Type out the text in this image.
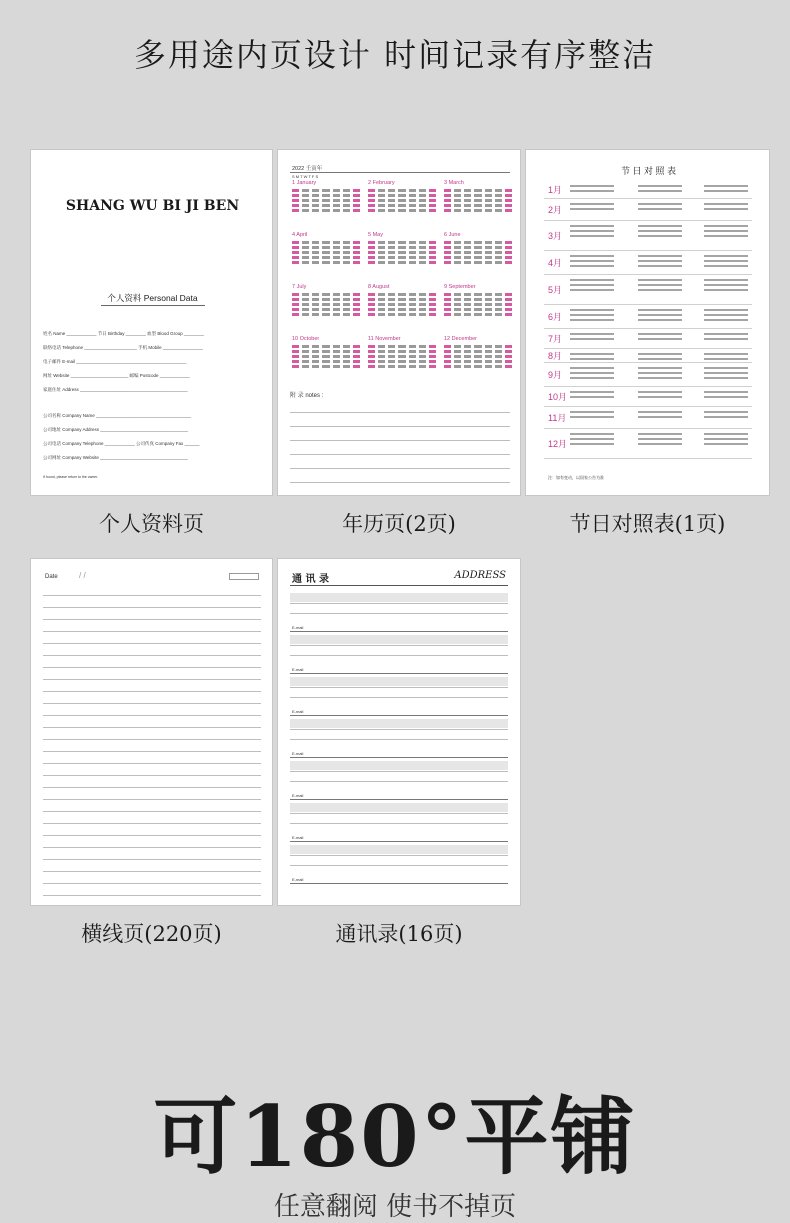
多用途内页设计 时间记录有序整洁
SHANG WU BI JI BEN
个人资料 Personal Data
姓名 Name ____________ 节日 Birthday ________ 血型 Blood Group ________
联络电话 Telephone _____________________ 手机 Mobile ________________
电子邮件 E-mail ____________________________________________
网址 Website _______________________ 邮编 Postcode ____________
家庭住址 Address ___________________________________________
公司名称 Company Name ______________________________________
公司地址 Company Address ___________________________________
公司电话 Company Telephone ____________ 公司传真 Company Fax ______
公司网址 Company Website ___________________________________
If found, please return to the owner.
个人资料页
2022 壬寅年
1 January	2 February	3 March
4 April	5 May	6 June
7 July	8 August	9 September
10 October	11 November	12 December
附 录 notes :
S M T W T F S
年历页(2页)
节 日 对 照 表
1月
2月
3月
4月
5月
6月
7月
8月
9月
10月
11月
12月
注：如有变动，以国家公告为准
节日对照表(1页)
Date	/ /
横线页(220页)
通 讯 录	ADDRESS
E-mail
E-mail
E-mail
E-mail
E-mail
E-mail
E-mail
通讯录(16页)
可180°平铺
任意翻阅 使书不掉页
